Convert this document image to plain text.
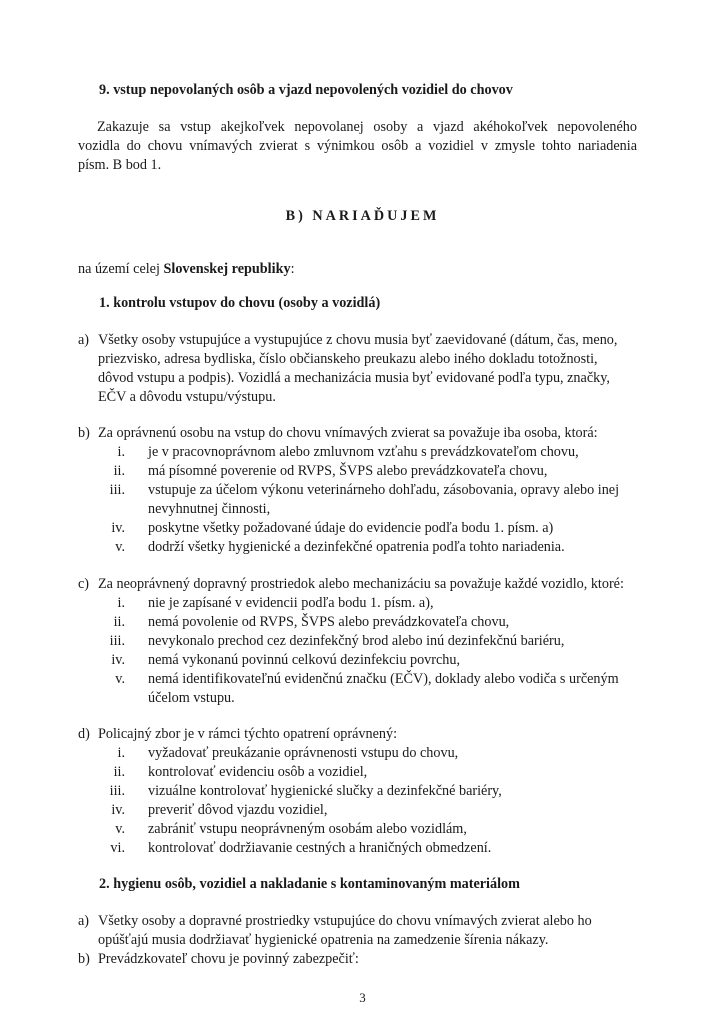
9. vstup nepovolaných osôb a vjazd nepovolených vozidiel do chovov
Zakazuje sa vstup akejkoľvek nepovolanej osoby a vjazd akéhokoľvek nepovoleného
vozidla do chovu vnímavých zvierat s výnimkou osôb a vozidiel v zmysle tohto nariadenia
písm. B bod 1.
B) NARIAĎUJEM
na území celej Slovenskej republiky:
1. kontrolu vstupov do chovu (osoby a vozidlá)
a) Všetky osoby vstupujúce a vystupujúce z chovu musia byť zaevidované (dátum, čas, meno,
priezvisko, adresa bydliska, číslo občianskeho preukazu alebo iného dokladu totožnosti,
dôvod vstupu a podpis). Vozidlá a mechanizácia musia byť evidované podľa typu, značky,
EČV a dôvodu vstupu/výstupu.
b) Za oprávnenú osobu na vstup do chovu vnímavých zvierat sa považuje iba osoba, ktorá:
i. je v pracovnoprávnom alebo zmluvnom vzťahu s prevádzkovateľom chovu,
ii. má písomné poverenie od RVPS, ŠVPS alebo prevádzkovateľa chovu,
iii. vstupuje za účelom výkonu veterinárneho dohľadu, zásobovania, opravy alebo inej
nevyhnutnej činnosti,
iv. poskytne všetky požadované údaje do evidencie podľa bodu 1. písm. a)
v. dodrží všetky hygienické a dezinfekčné opatrenia podľa tohto nariadenia.
c) Za neoprávnený dopravný prostriedok alebo mechanizáciu sa považuje každé vozidlo, ktoré:
i. nie je zapísané v evidencii podľa bodu 1. písm. a),
ii. nemá povolenie od RVPS, ŠVPS alebo prevádzkovateľa chovu,
iii. nevykonalo prechod cez dezinfekčný brod alebo inú dezinfekčnú bariéru,
iv. nemá vykonanú povinnú celkovú dezinfekciu povrchu,
v. nemá identifikovateľnú evidenčnú značku (EČV), doklady alebo vodiča s určeným
účelom vstupu.
d) Policajný zbor je v rámci týchto opatrení oprávnený:
i. vyžadovať preukázanie oprávnenosti vstupu do chovu,
ii. kontrolovať evidenciu osôb a vozidiel,
iii. vizuálne kontrolovať hygienické slučky a dezinfekčné bariéry,
iv. preveriť dôvod vjazdu vozidiel,
v. zabrániť vstupu neoprávneným osobám alebo vozidlám,
vi. kontrolovať dodržiavanie cestných a hraničných obmedzení.
2. hygienu osôb, vozidiel a nakladanie s kontaminovaným materiálom
a) Všetky osoby a dopravné prostriedky vstupujúce do chovu vnímavých zvierat alebo ho
opúšťajú musia dodržiavať hygienické opatrenia na zamedzenie šírenia nákazy.
b) Prevádzkovateľ chovu je povinný zabezpečiť:
3
